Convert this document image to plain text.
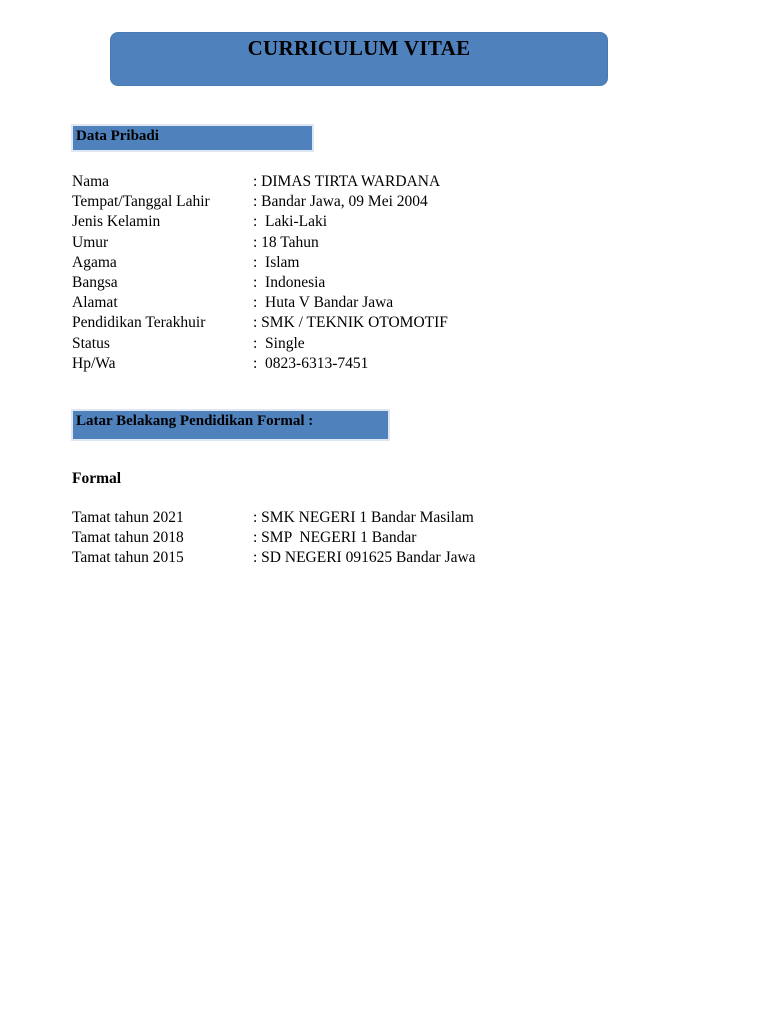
CURRICULUM VITAE
Data Pribadi
Nama	: DIMAS TIRTA WARDANA
Tempat/Tanggal Lahir	: Bandar Jawa, 09 Mei 2004
Jenis Kelamin	:  Laki-Laki
Umur	: 18 Tahun
Agama	:  Islam
Bangsa	:  Indonesia
Alamat	:  Huta V Bandar Jawa
Pendidikan Terakhuir	: SMK / TEKNIK OTOMOTIF
Status	:  Single
Hp/Wa	:  0823-6313-7451
Latar Belakang Pendidikan Formal :
Formal
Tamat tahun 2021	: SMK NEGERI 1 Bandar Masilam
Tamat tahun 2018	: SMP  NEGERI 1 Bandar
Tamat tahun 2015	: SD NEGERI 091625 Bandar Jawa
